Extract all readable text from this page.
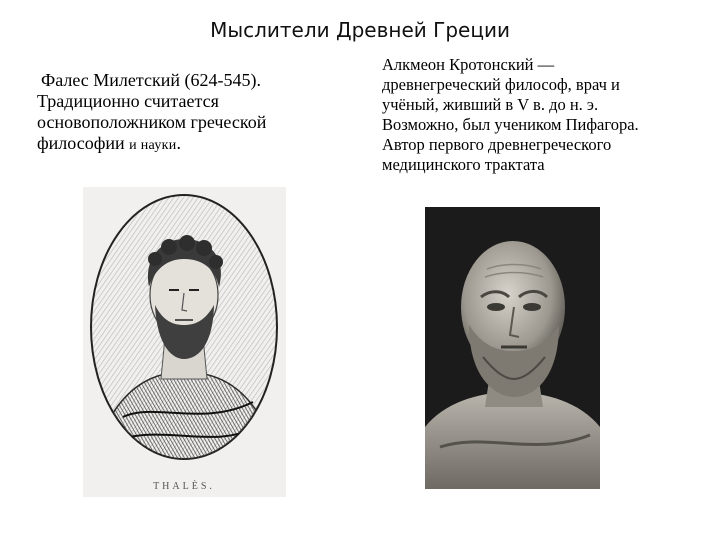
Мыслители Древней Греции
Фалес Милетский (624-545).
Традиционно считается
основоположником греческой
философии и науки.
Алкмеон Кротонский —
древнегреческий философ, врач и
учёный, живший в V в. до н. э.
Возможно, был учеником Пифагора.
Автор первого древнегреческого
медицинского трактата
THALÈS.
